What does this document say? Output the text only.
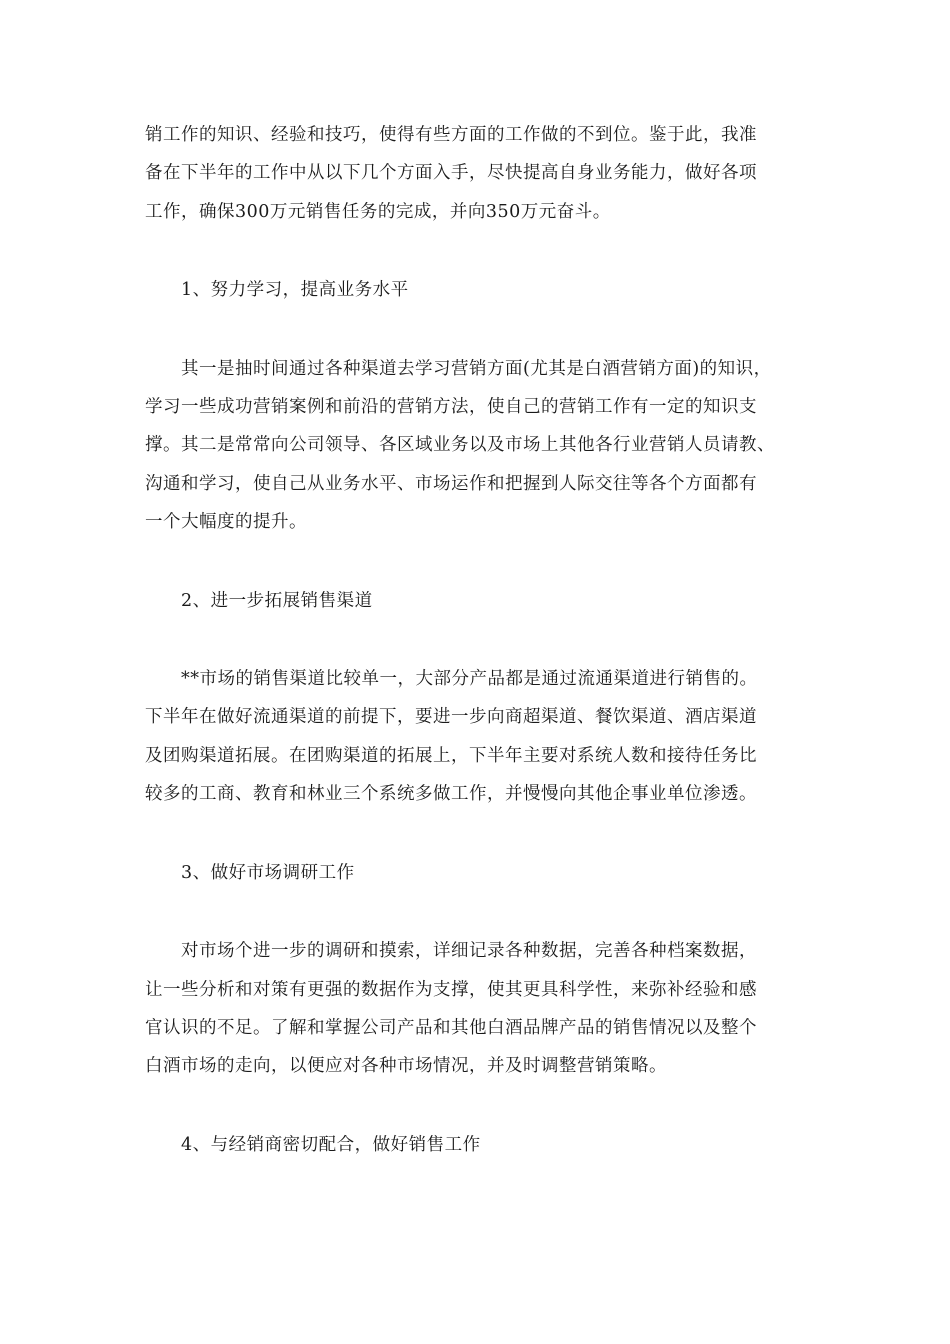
销工作的知识、经验和技巧，使得有些方面的工作做的不到位。鉴于此，我准
备在下半年的工作中从以下几个方面入手，尽快提高自身业务能力，做好各项
工作，确保300万元销售任务的完成，并向350万元奋斗。

1、努力学习，提高业务水平

其一是抽时间通过各种渠道去学习营销方面(尤其是白酒营销方面)的知识，
学习一些成功营销案例和前沿的营销方法，使自己的营销工作有一定的知识支
撑。其二是常常向公司领导、各区域业务以及市场上其他各行业营销人员请教、
沟通和学习，使自己从业务水平、市场运作和把握到人际交往等各个方面都有
一个大幅度的提升。

2、进一步拓展销售渠道

**市场的销售渠道比较单一，大部分产品都是通过流通渠道进行销售的。
下半年在做好流通渠道的前提下，要进一步向商超渠道、餐饮渠道、酒店渠道
及团购渠道拓展。在团购渠道的拓展上，下半年主要对系统人数和接待任务比
较多的工商、教育和林业三个系统多做工作，并慢慢向其他企事业单位渗透。

3、做好市场调研工作

对市场个进一步的调研和摸索，详细记录各种数据，完善各种档案数据，
让一些分析和对策有更强的数据作为支撑，使其更具科学性，来弥补经验和感
官认识的不足。了解和掌握公司产品和其他白酒品牌产品的销售情况以及整个
白酒市场的走向，以便应对各种市场情况，并及时调整营销策略。

4、与经销商密切配合，做好销售工作
